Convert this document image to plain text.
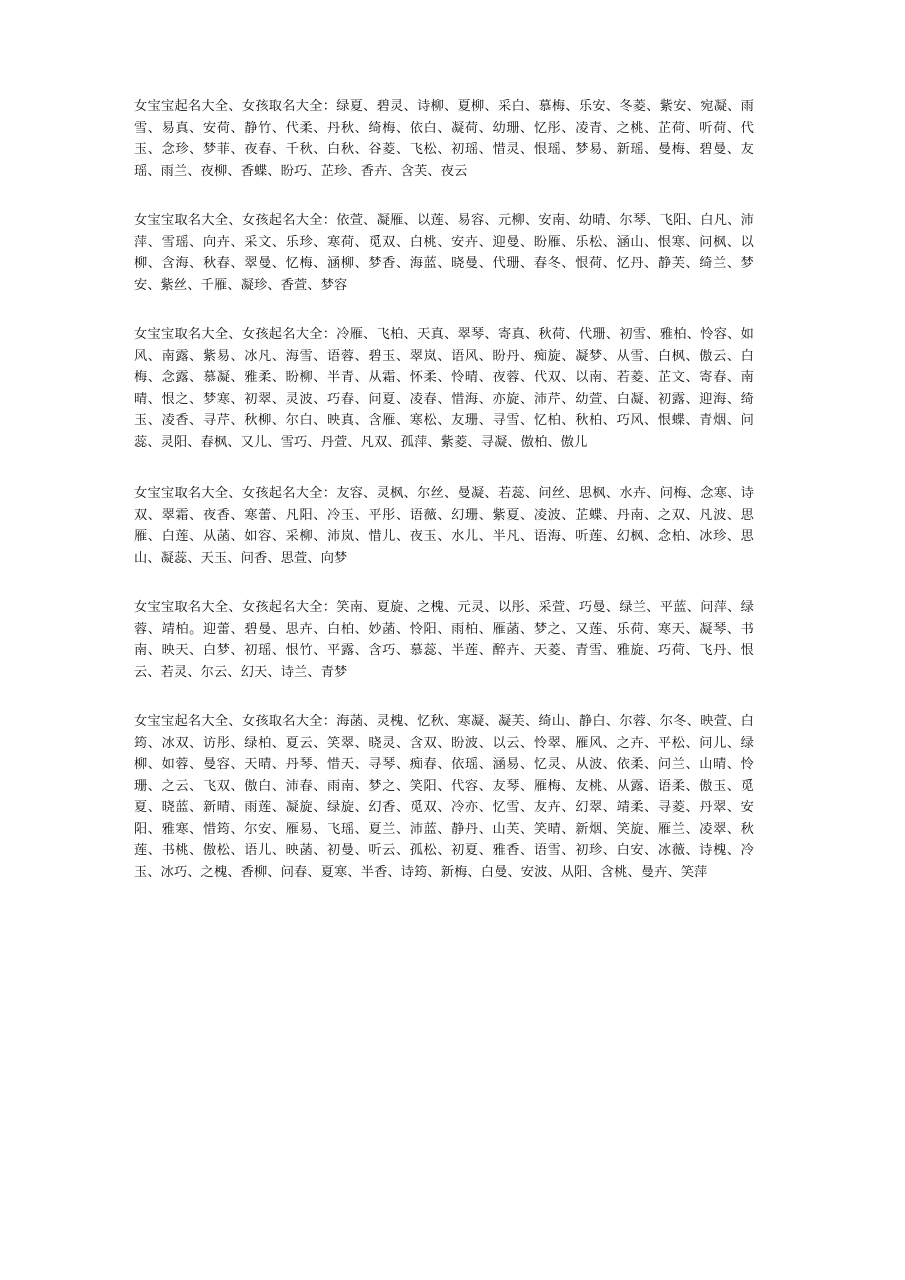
女宝宝起名大全、女孩取名大全：绿夏、碧灵、诗柳、夏柳、采白、慕梅、乐安、冬菱、紫安、宛凝、雨雪、易真、安荷、静竹、代柔、丹秋、绮梅、依白、凝荷、幼珊、忆彤、凌青、之桃、芷荷、听荷、代玉、念珍、梦菲、夜春、千秋、白秋、谷菱、飞松、初瑶、惜灵、恨瑶、梦易、新瑶、曼梅、碧曼、友瑶、雨兰、夜柳、香蝶、盼巧、芷珍、香卉、含芙、夜云

女宝宝取名大全、女孩起名大全：依萱、凝雁、以莲、易容、元柳、安南、幼晴、尔琴、飞阳、白凡、沛萍、雪瑶、向卉、采文、乐珍、寒荷、觅双、白桃、安卉、迎曼、盼雁、乐松、涵山、恨寒、问枫、以柳、含海、秋春、翠曼、忆梅、涵柳、梦香、海蓝、晓曼、代珊、春冬、恨荷、忆丹、静芙、绮兰、梦安、紫丝、千雁、凝珍、香萱、梦容

女宝宝取名大全、女孩起名大全：冷雁、飞柏、天真、翠琴、寄真、秋荷、代珊、初雪、雅柏、怜容、如风、南露、紫易、冰凡、海雪、语蓉、碧玉、翠岚、语风、盼丹、痴旋、凝梦、从雪、白枫、傲云、白梅、念露、慕凝、雅柔、盼柳、半青、从霜、怀柔、怜晴、夜蓉、代双、以南、若菱、芷文、寄春、南晴、恨之、梦寒、初翠、灵波、巧春、问夏、凌春、惜海、亦旋、沛芹、幼萱、白凝、初露、迎海、绮玉、凌香、寻芹、秋柳、尔白、映真、含雁、寒松、友珊、寻雪、忆柏、秋柏、巧风、恨蝶、青烟、问蕊、灵阳、春枫、又儿、雪巧、丹萱、凡双、孤萍、紫菱、寻凝、傲柏、傲儿

女宝宝取名大全、女孩起名大全：友容、灵枫、尔丝、曼凝、若蕊、问丝、思枫、水卉、问梅、念寒、诗双、翠霜、夜香、寒蕾、凡阳、冷玉、平彤、语薇、幻珊、紫夏、凌波、芷蝶、丹南、之双、凡波、思雁、白莲、从菡、如容、采柳、沛岚、惜儿、夜玉、水儿、半凡、语海、听莲、幻枫、念柏、冰珍、思山、凝蕊、天玉、问香、思萱、向梦

女宝宝取名大全、女孩起名大全：笑南、夏旋、之槐、元灵、以彤、采萱、巧曼、绿兰、平蓝、问萍、绿蓉、靖柏。迎蕾、碧曼、思卉、白柏、妙菡、怜阳、雨柏、雁菡、梦之、又莲、乐荷、寒天、凝琴、书南、映天、白梦、初瑶、恨竹、平露、含巧、慕蕊、半莲、醉卉、天菱、青雪、雅旋、巧荷、飞丹、恨云、若灵、尔云、幻天、诗兰、青梦

女宝宝起名大全、女孩取名大全：海菡、灵槐、忆秋、寒凝、凝芙、绮山、静白、尔蓉、尔冬、映萱、白筠、冰双、访彤、绿柏、夏云、笑翠、晓灵、含双、盼波、以云、怜翠、雁风、之卉、平松、问儿、绿柳、如蓉、曼容、天晴、丹琴、惜天、寻琴、痴春、依瑶、涵易、忆灵、从波、依柔、问兰、山晴、怜珊、之云、飞双、傲白、沛春、雨南、梦之、笑阳、代容、友琴、雁梅、友桃、从露、语柔、傲玉、觅夏、晓蓝、新晴、雨莲、凝旋、绿旋、幻香、觅双、冷亦、忆雪、友卉、幻翠、靖柔、寻菱、丹翠、安阳、雅寒、惜筠、尔安、雁易、飞瑶、夏兰、沛蓝、静丹、山芙、笑晴、新烟、笑旋、雁兰、凌翠、秋莲、书桃、傲松、语儿、映菡、初曼、听云、孤松、初夏、雅香、语雪、初珍、白安、冰薇、诗槐、冷玉、冰巧、之槐、香柳、问春、夏寒、半香、诗筠、新梅、白曼、安波、从阳、含桃、曼卉、笑萍
